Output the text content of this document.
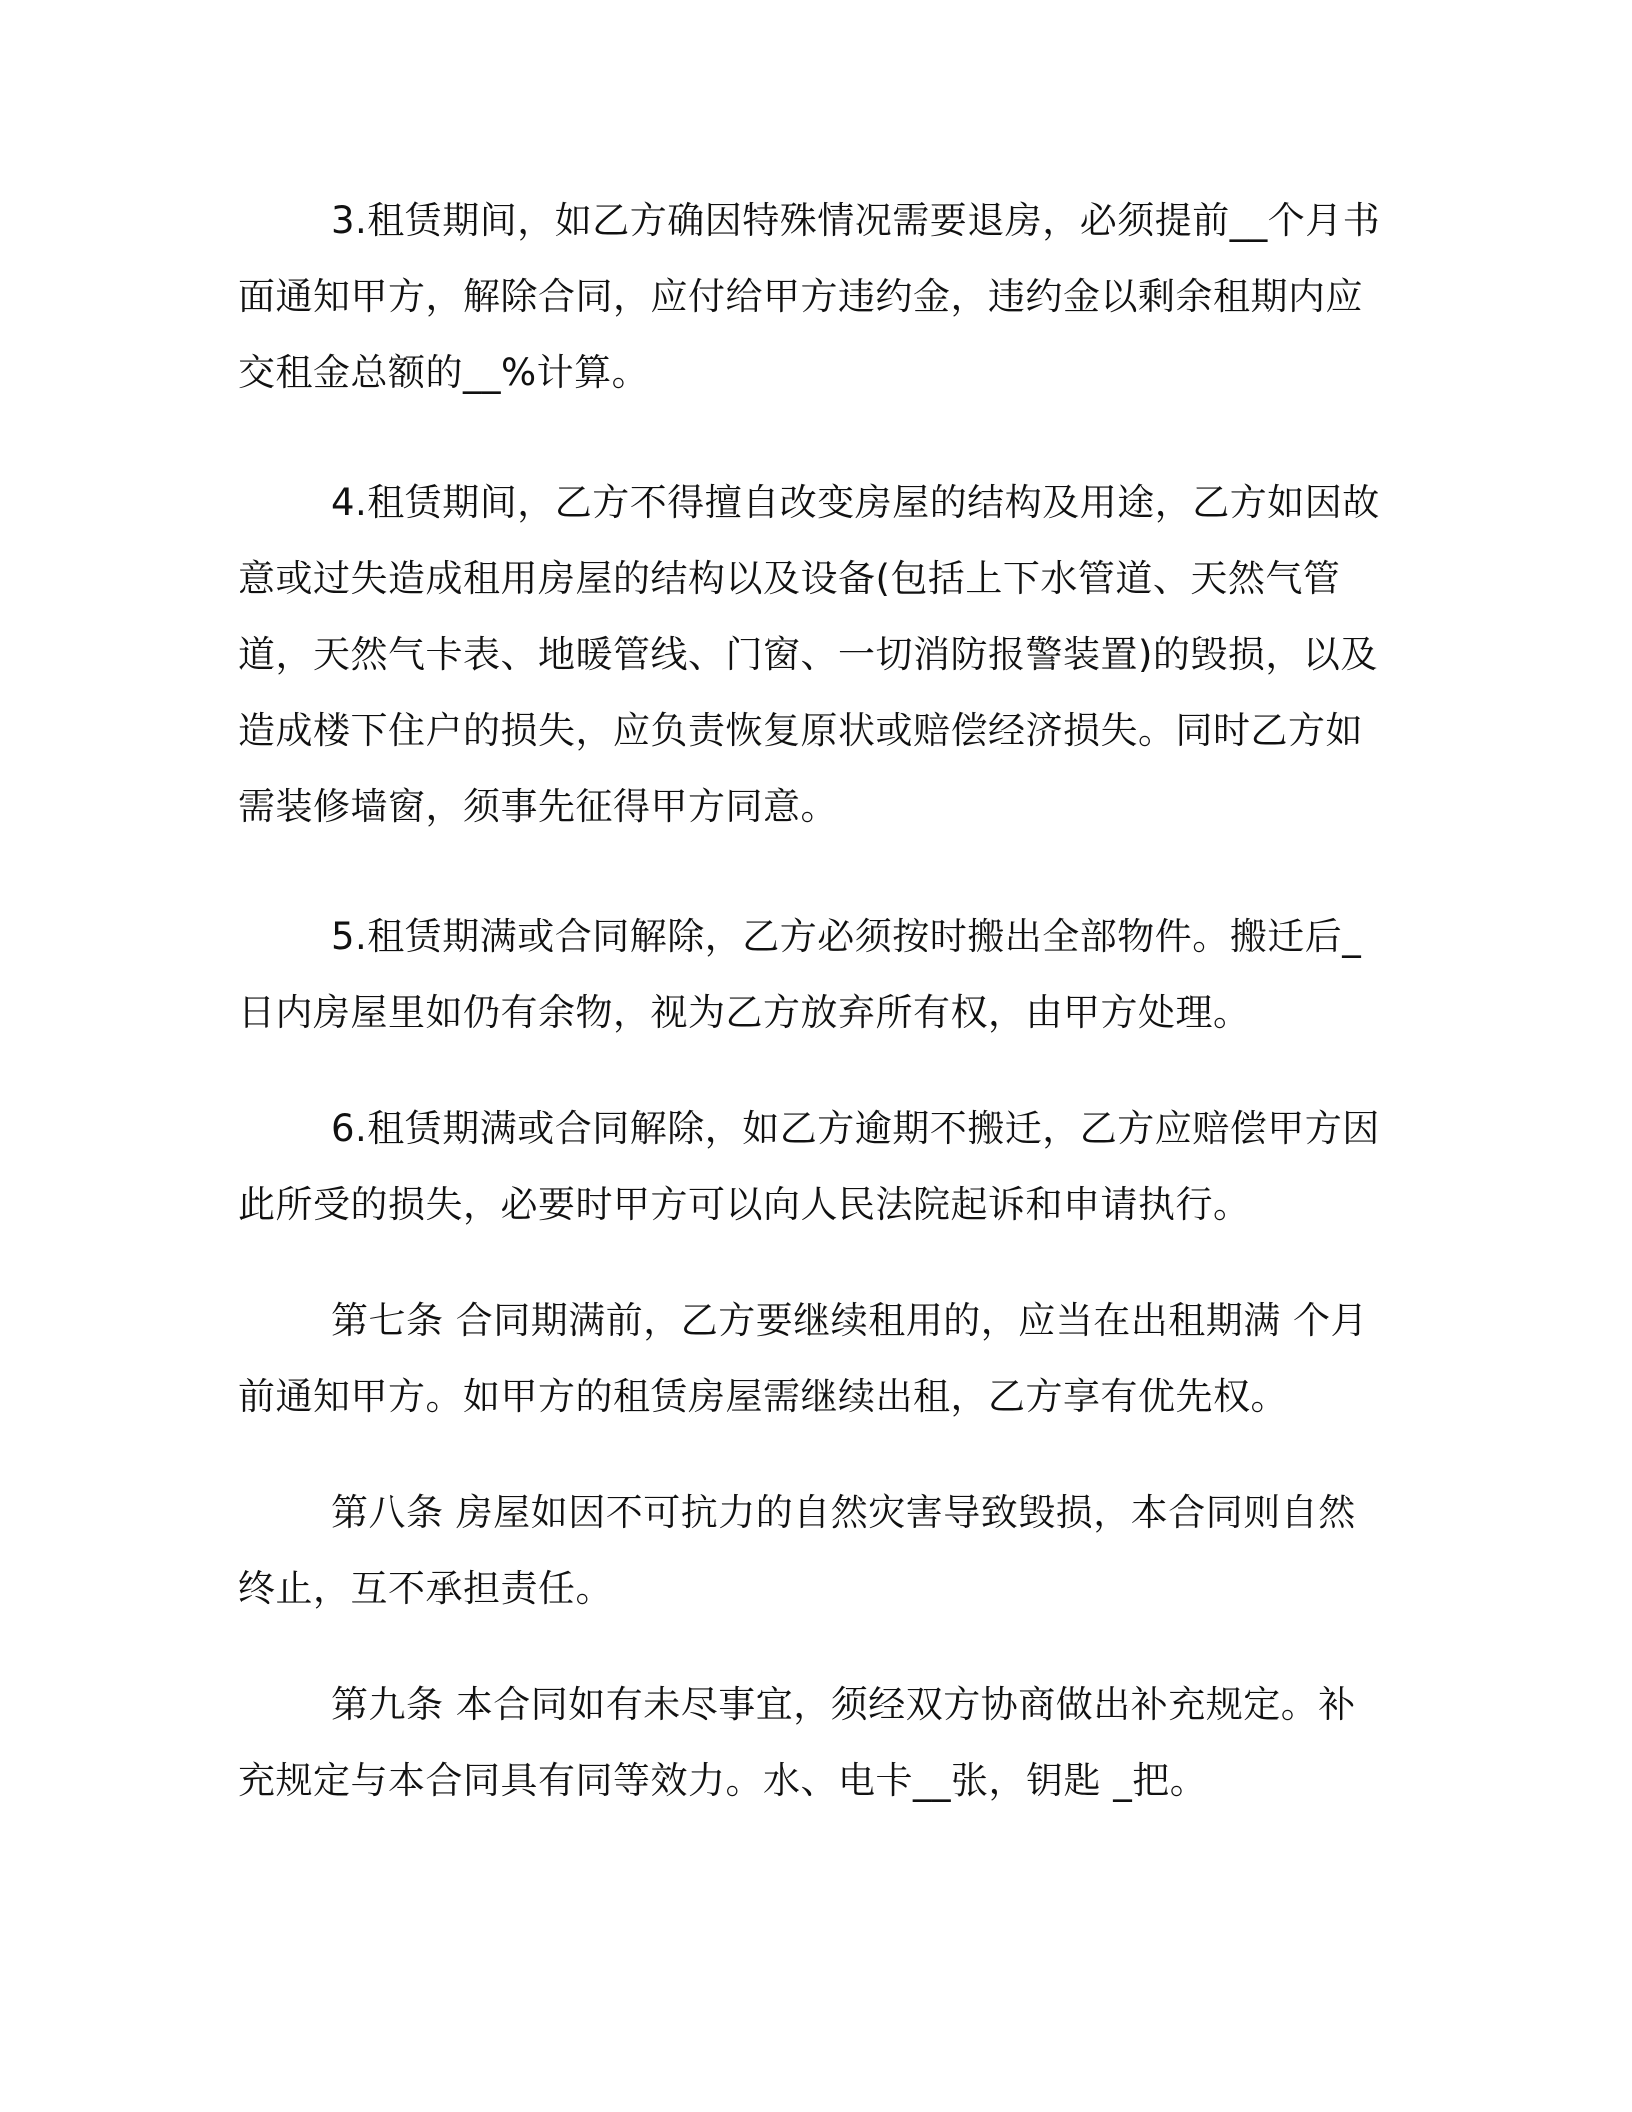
3.租赁期间，如乙方确因特殊情况需要退房，必须提前__个月书面通知甲方，解除合同，应付给甲方违约金，违约金以剩余租期内应交租金总额的__%计算。

4.租赁期间，乙方不得擅自改变房屋的结构及用途，乙方如因故意或过失造成租用房屋的结构以及设备(包括上下水管道、天然气管道，天然气卡表、地暖管线、门窗、一切消防报警装置)的毁损，以及造成楼下住户的损失，应负责恢复原状或赔偿经济损失。同时乙方如需装修墙窗，须事先征得甲方同意。

5.租赁期满或合同解除，乙方必须按时搬出全部物件。搬迁后_日内房屋里如仍有余物，视为乙方放弃所有权，由甲方处理。

6.租赁期满或合同解除，如乙方逾期不搬迁，乙方应赔偿甲方因此所受的损失，必要时甲方可以向人民法院起诉和申请执行。

第七条 合同期满前，乙方要继续租用的，应当在出租期满 个月前通知甲方。如甲方的租赁房屋需继续出租，乙方享有优先权。

第八条 房屋如因不可抗力的自然灾害导致毁损，本合同则自然终止，互不承担责任。

第九条 本合同如有未尽事宜，须经双方协商做出补充规定。补充规定与本合同具有同等效力。水、电卡__张，钥匙 _把。
